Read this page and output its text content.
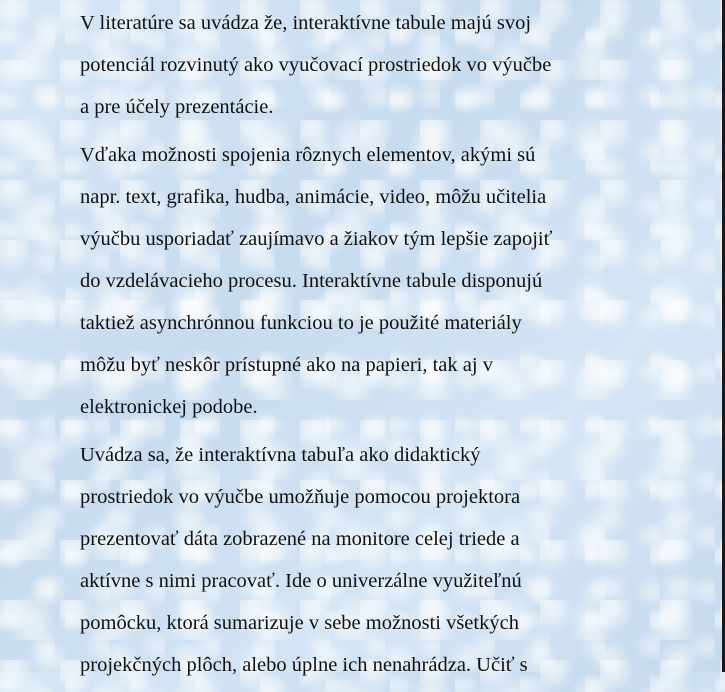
V literatúre sa uvádza že, interaktívne tabule majú svoj
potenciál rozvinutý ako vyučovací prostriedok vo výučbe
a pre účely prezentácie.

Vďaka možnosti spojenia rôznych elementov, akými sú
napr. text, grafika, hudba, animácie, video, môžu učitelia
výučbu usporiadať zaujímavo a žiakov tým lepšie zapojiť
do vzdelávacieho procesu. Interaktívne tabule disponujú
taktiež asynchrónnou funkciou to je použité materiály
môžu byť neskôr prístupné ako na papieri, tak aj v
elektronickej podobe.

Uvádza sa, že interaktívna tabuľa ako didaktický
prostriedok vo výučbe umožňuje pomocou projektora
prezentovať dáta zobrazené na monitore celej triede a
aktívne s nimi pracovať. Ide o univerzálne využiteľnú
pomôcku, ktorá sumarizuje v sebe možnosti všetkých
projekčných plôch, alebo úplne ich nenahrádza. Učiť s
